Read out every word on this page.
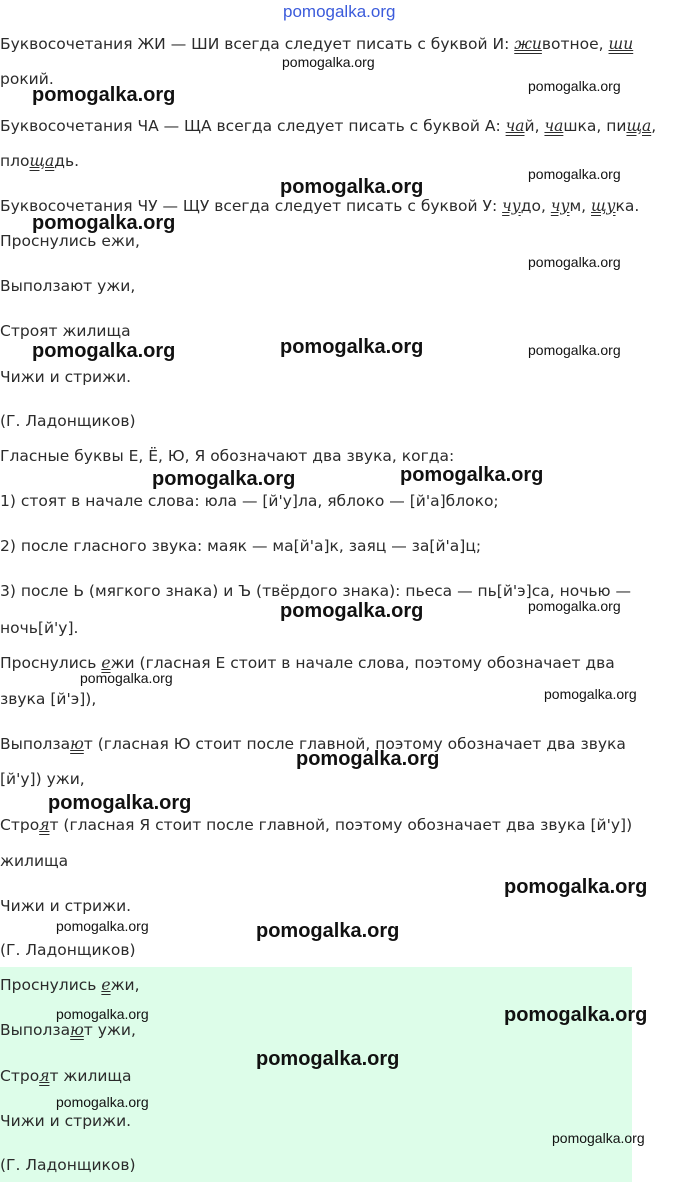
pomogalka.org
Буквосочетания ЖИ — ШИ всегда следует писать с буквой И: животное, ши
рокий.
Буквосочетания ЧА — ЩА всегда следует писать с буквой А: чай, чашка, пища,
площадь.
Буквосочетания ЧУ — ЩУ всегда следует писать с буквой У: чудо, чум, щука.
Проснулись ежи,
Выползают ужи,
Строят жилища
Чижи и стрижи.
(Г. Ладонщиков)
Гласные буквы Е, Ё, Ю, Я обозначают два звука, когда:
1) стоят в начале слова: юла — [й'у]ла, яблоко — [й'а]блоко;
2) после гласного звука: маяк — ма[й'а]к, заяц — за[й'а]ц;
3) после Ь (мягкого знака) и Ъ (твёрдого знака): пьеса — пь[й'э]са, ночью —
ночь[й'у].
Проснулись ежи (гласная Е стоит в начале слова, поэтому обозначает два
звука [й'э]),
Выползают (гласная Ю стоит после главной, поэтому обозначает два звука
[й'у]) ужи,
Строят (гласная Я стоит после главной, поэтому обозначает два звука [й'у])
жилища
Чижи и стрижи.
(Г. Ладонщиков)
Проснулись ежи,
Выползают ужи,
Строят жилища
Чижи и стрижи.
(Г. Ладонщиков)
pomogalka.org
pomogalka.org	pomogalka.org
pomogalka.org
pomogalka.org
pomogalka.org
pomogalka.org
pomogalka.org
pomogalka.org	pomogalka.org
pomogalka.org
pomogalka.org
pomogalka.org	pomogalka.org
pomogalka.org
pomogalka.org
pomogalka.org
pomogalka.org
pomogalka.org
pomogalka.org	pomogalka.org
pomogalka.org	pomogalka.org
pomogalka.org
pomogalka.org
pomogalka.org
